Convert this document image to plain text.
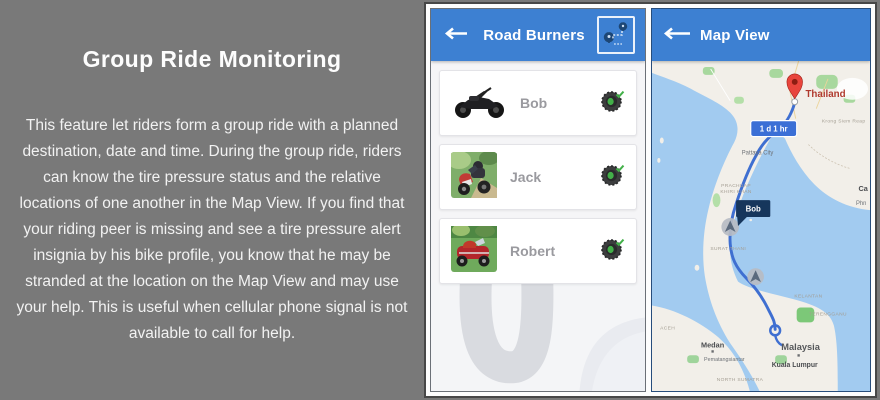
Group Ride Monitoring

This feature let riders form a group ride with a planned destination, date and time. During the group ride, riders can know the tire pressure status and the relative locations of one another in the Map View. If you find that your riding peer is missing and see a tire pressure alert insignia by his bike profile, you know that he may be stranded at the location on the Map View and may use your help. This is useful when cellular phone signal is not available to call for help.

Road Burners
Bob
Jack
Robert
Map View
Thailand
1 d 1 hr
Bob
Pattaya City
PRACHUAP
KHIRI KHAN
SURAT THANI
Krong Siem Reap
Ca
Phn
KELANTAN
TERENGGANU
Medan	Malaysia
Kuala Lumpur
Pematangsiantar
NORTH SUMATRA
ACEH
